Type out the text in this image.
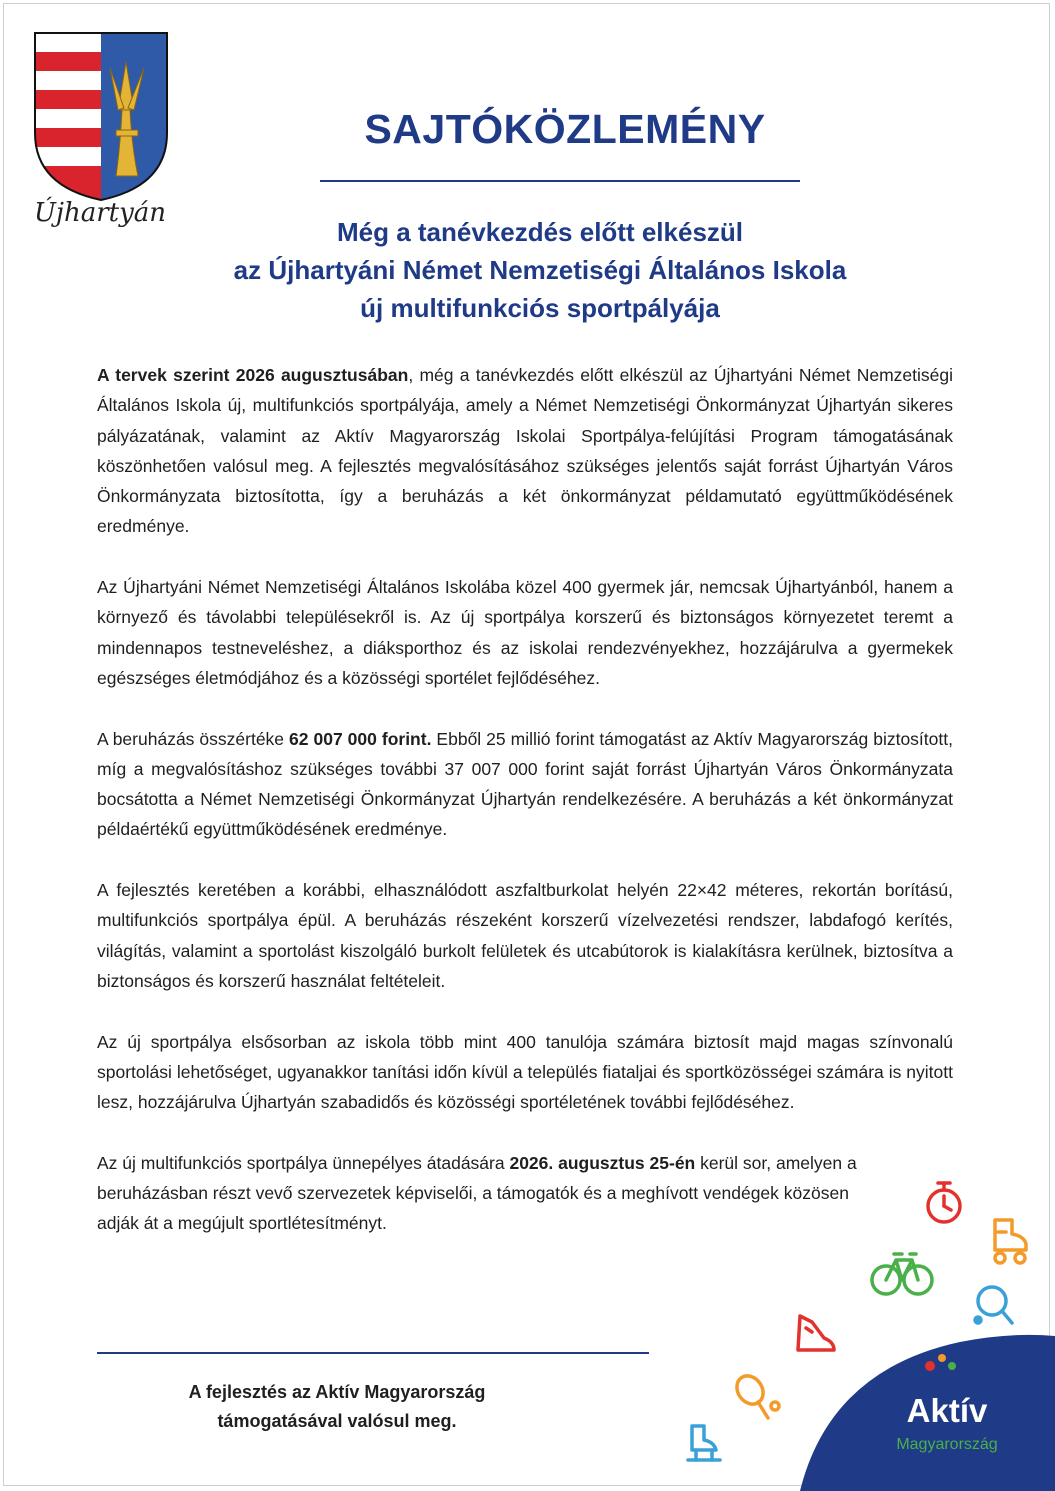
Újhartyán
SAJTÓKÖZLEMÉNY
Még a tanévkezdés előtt elkészül
az Újhartyáni Német Nemzetiségi Általános Iskola
új multifunkciós sportpályája

A tervek szerint 2026 augusztusában, még a tanévkezdés előtt elkészül az Újhartyáni Német Nemzetiségi Általános Iskola új, multifunkciós sportpályája, amely a Német Nemzetiségi Önkormányzat Újhartyán sikeres pályázatának, valamint az Aktív Magyarország Iskolai Sportpálya-felújítási Program támogatásának köszönhetően valósul meg. A fejlesztés megvalósításához szükséges jelentős saját forrást Újhartyán Város Önkormányzata biztosította, így a beruházás a két önkormányzat példamutató együttműködésének eredménye.

Az Újhartyáni Német Nemzetiségi Általános Iskolába közel 400 gyermek jár, nemcsak Újhartyánból, hanem a környező és távolabbi településekről is. Az új sportpálya korszerű és biztonságos környezetet teremt a mindennapos testneveléshez, a diáksporthoz és az iskolai rendezvényekhez, hozzájárulva a gyermekek egészséges életmódjához és a közösségi sportélet fejlődéséhez.

A beruházás összértéke 62 007 000 forint. Ebből 25 millió forint támogatást az Aktív Magyarország biztosított, míg a megvalósításhoz szükséges további 37 007 000 forint saját forrást Újhartyán Város Önkormányzata bocsátotta a Német Nemzetiségi Önkormányzat Újhartyán rendelkezésére. A beruházás a két önkormányzat példaértékű együttműködésének eredménye.

A fejlesztés keretében a korábbi, elhasználódott aszfaltburkolat helyén 22×42 méteres, rekortán borítású, multifunkciós sportpálya épül. A beruházás részeként korszerű vízelvezetési rendszer, labdafogó kerítés, világítás, valamint a sportolást kiszolgáló burkolt felületek és utcabútorok is kialakításra kerülnek, biztosítva a biztonságos és korszerű használat feltételeit.

Az új sportpálya elsősorban az iskola több mint 400 tanulója számára biztosít majd magas színvonalú sportolási lehetőséget, ugyanakkor tanítási időn kívül a település fiataljai és sportközösségei számára is nyitott lesz, hozzájárulva Újhartyán szabadidős és közösségi sportéletének további fejlődéséhez.

Az új multifunkciós sportpálya ünnepélyes átadására 2026. augusztus 25-én kerül sor, amelyen a beruházásban részt vevő szervezetek képviselői, a támogatók és a meghívott vendégek közösen adják át a megújult sportlétesítményt.

A fejlesztés az Aktív Magyarország
támogatásával valósul meg.	Aktív
Magyarország
